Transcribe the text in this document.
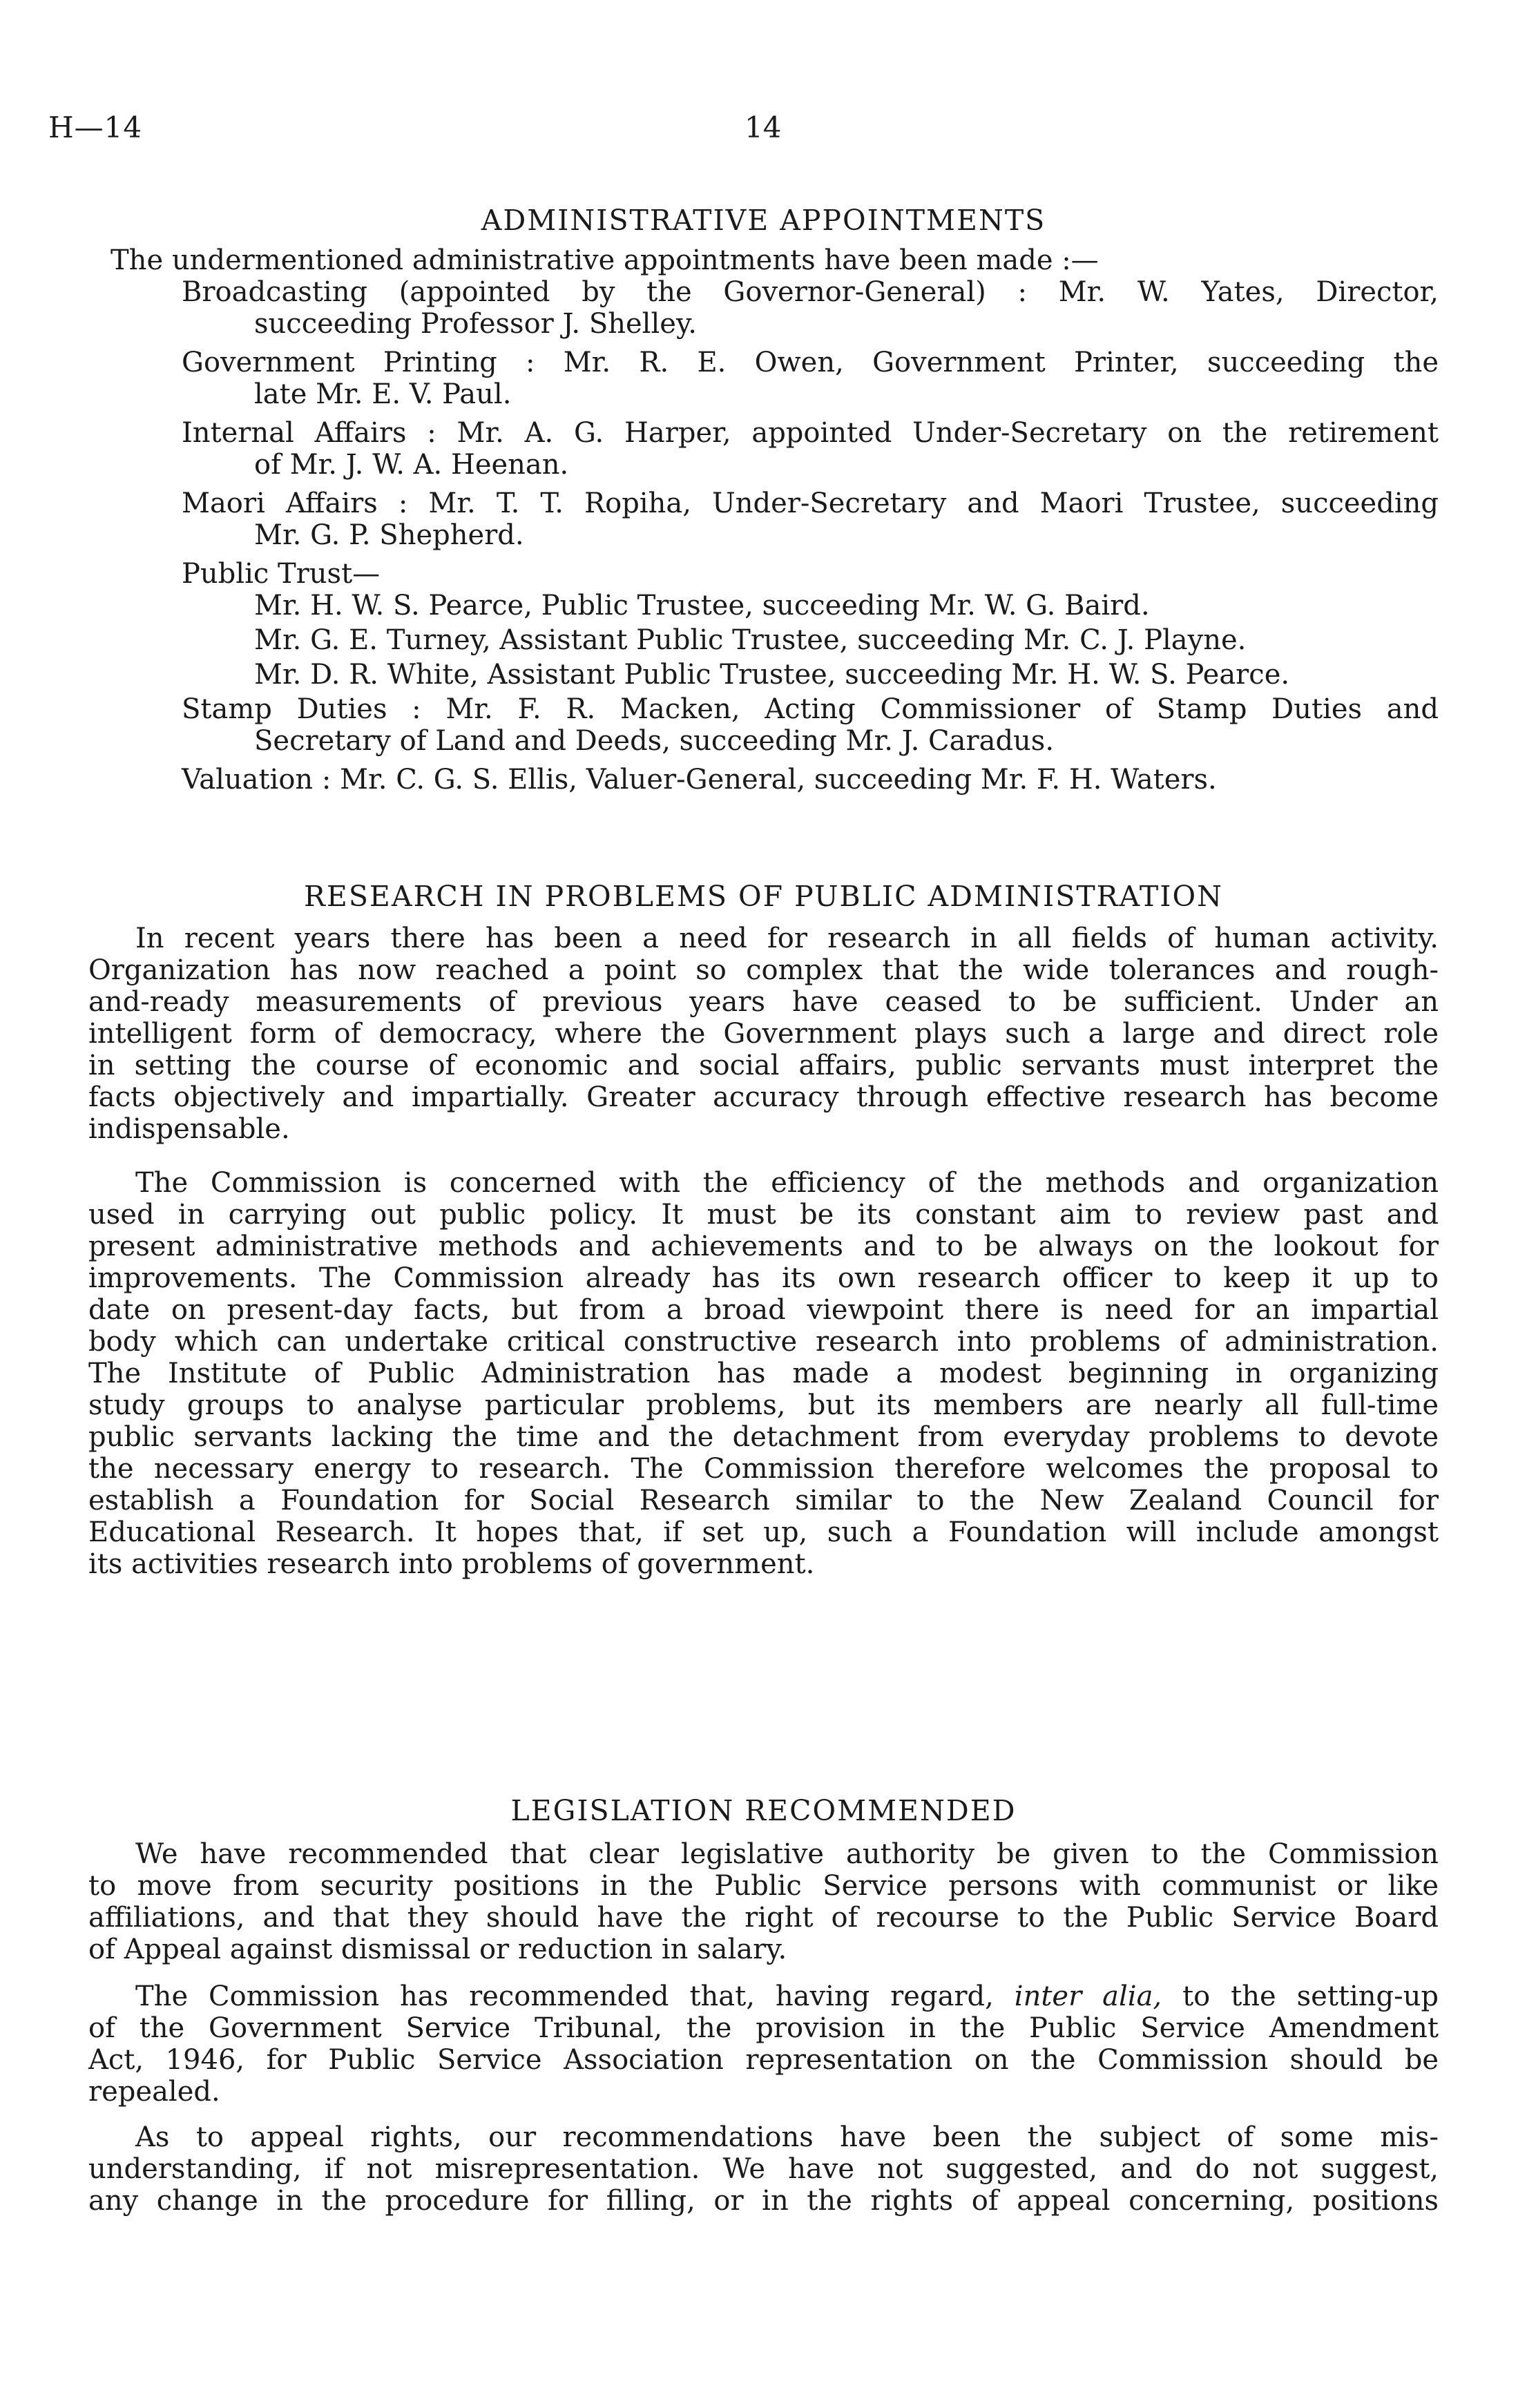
H—14	14
ADMINISTRATIVE APPOINTMENTS
The undermentioned administrative appointments have been made :—
Broadcasting (appointed by the Governor-General) : Mr. W. Yates, Director,
succeeding Professor J. Shelley.
Government Printing : Mr. R. E. Owen, Government Printer, succeeding the
late Mr. E. V. Paul.
Internal Affairs : Mr. A. G. Harper, appointed Under-Secretary on the retirement
of Mr. J. W. A. Heenan.
Maori Affairs : Mr. T. T. Ropiha, Under-Secretary and Maori Trustee, succeeding
Mr. G. P. Shepherd.
Public Trust—
Mr. H. W. S. Pearce, Public Trustee, succeeding Mr. W. G. Baird.
Mr. G. E. Turney, Assistant Public Trustee, succeeding Mr. C. J. Playne.
Mr. D. R. White, Assistant Public Trustee, succeeding Mr. H. W. S. Pearce.
Stamp Duties : Mr. F. R. Macken, Acting Commissioner of Stamp Duties and
Secretary of Land and Deeds, succeeding Mr. J. Caradus.
Valuation : Mr. C. G. S. Ellis, Valuer-General, succeeding Mr. F. H. Waters.
RESEARCH IN PROBLEMS OF PUBLIC ADMINISTRATION
In recent years there has been a need for research in all fields of human activity.
Organization has now reached a point so complex that the wide tolerances and rough-
and-ready measurements of previous years have ceased to be sufficient. Under an
intelligent form of democracy, where the Government plays such a large and direct role
in setting the course of economic and social affairs, public servants must interpret the
facts objectively and impartially. Greater accuracy through effective research has become
indispensable.
The Commission is concerned with the efficiency of the methods and organization
used in carrying out public policy. It must be its constant aim to review past and
present administrative methods and achievements and to be always on the lookout for
improvements. The Commission already has its own research officer to keep it up to
date on present-day facts, but from a broad viewpoint there is need for an impartial
body which can undertake critical constructive research into problems of administration.
The Institute of Public Administration has made a modest beginning in organizing
study groups to analyse particular problems, but its members are nearly all full-time
public servants lacking the time and the detachment from everyday problems to devote
the necessary energy to research. The Commission therefore welcomes the proposal to
establish a Foundation for Social Research similar to the New Zealand Council for
Educational Research. It hopes that, if set up, such a Foundation will include amongst
its activities research into problems of government.
LEGISLATION RECOMMENDED
We have recommended that clear legislative authority be given to the Commission
to move from security positions in the Public Service persons with communist or like
affiliations, and that they should have the right of recourse to the Public Service Board
of Appeal against dismissal or reduction in salary.
The Commission has recommended that, having regard, inter alia, to the setting-up
of the Government Service Tribunal, the provision in the Public Service Amendment
Act, 1946, for Public Service Association representation on the Commission should be
repealed.
As to appeal rights, our recommendations have been the subject of some mis-
understanding, if not misrepresentation. We have not suggested, and do not suggest,
any change in the procedure for filling, or in the rights of appeal concerning, positions
